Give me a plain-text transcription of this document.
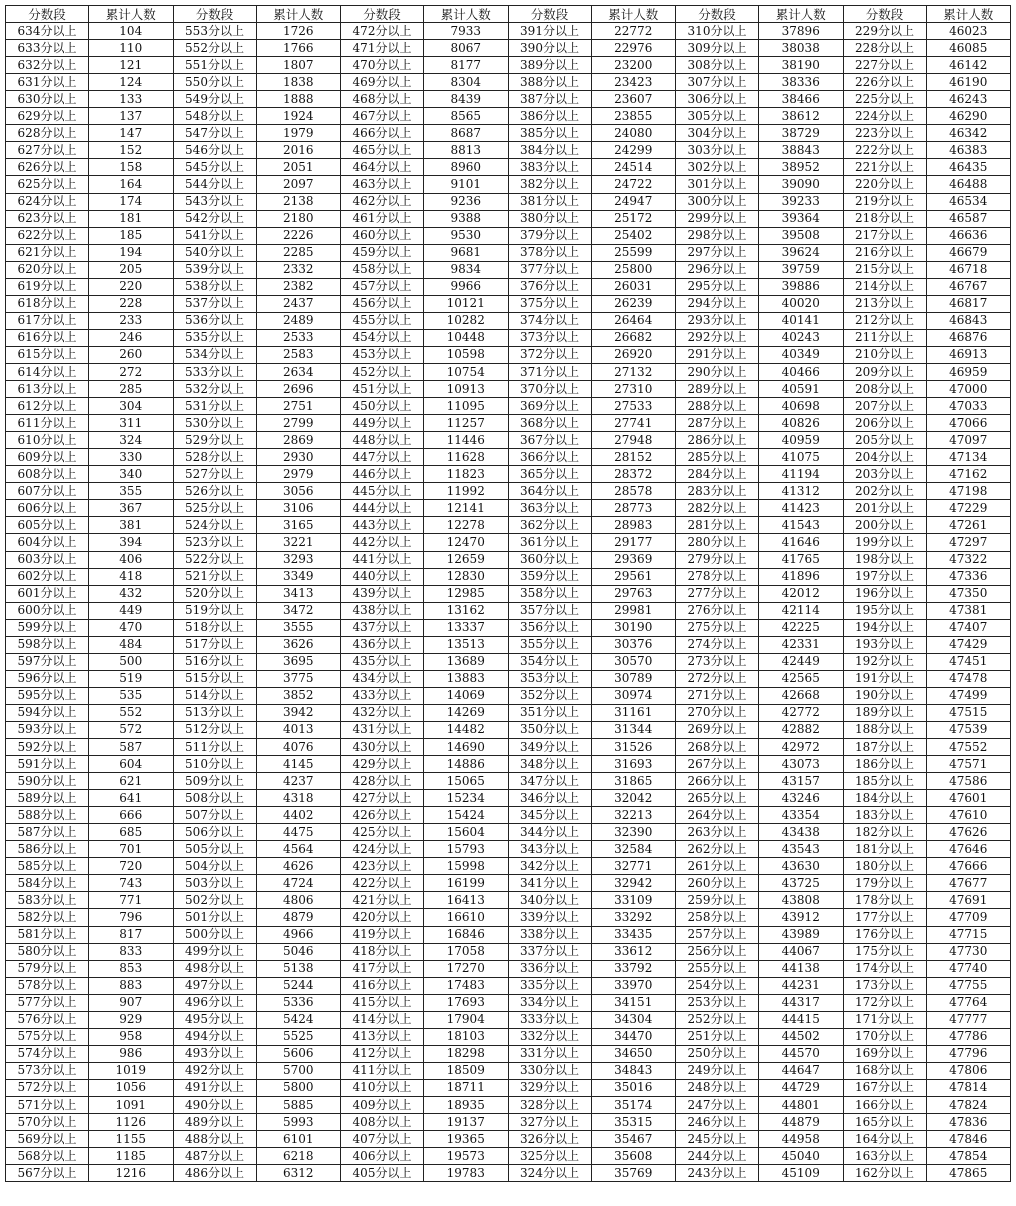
分数段	累计人数	分数段	累计人数	分数段	累计人数	分数段	累计人数	分数段	累计人数	分数段	累计人数
634分以上	104	553分以上	1726	472分以上	7933	391分以上	22772	310分以上	37896	229分以上	46023
633分以上	110	552分以上	1766	471分以上	8067	390分以上	22976	309分以上	38038	228分以上	46085
632分以上	121	551分以上	1807	470分以上	8177	389分以上	23200	308分以上	38190	227分以上	46142
631分以上	124	550分以上	1838	469分以上	8304	388分以上	23423	307分以上	38336	226分以上	46190
630分以上	133	549分以上	1888	468分以上	8439	387分以上	23607	306分以上	38466	225分以上	46243
629分以上	137	548分以上	1924	467分以上	8565	386分以上	23855	305分以上	38612	224分以上	46290
628分以上	147	547分以上	1979	466分以上	8687	385分以上	24080	304分以上	38729	223分以上	46342
627分以上	152	546分以上	2016	465分以上	8813	384分以上	24299	303分以上	38843	222分以上	46383
626分以上	158	545分以上	2051	464分以上	8960	383分以上	24514	302分以上	38952	221分以上	46435
625分以上	164	544分以上	2097	463分以上	9101	382分以上	24722	301分以上	39090	220分以上	46488
624分以上	174	543分以上	2138	462分以上	9236	381分以上	24947	300分以上	39233	219分以上	46534
623分以上	181	542分以上	2180	461分以上	9388	380分以上	25172	299分以上	39364	218分以上	46587
622分以上	185	541分以上	2226	460分以上	9530	379分以上	25402	298分以上	39508	217分以上	46636
621分以上	194	540分以上	2285	459分以上	9681	378分以上	25599	297分以上	39624	216分以上	46679
620分以上	205	539分以上	2332	458分以上	9834	377分以上	25800	296分以上	39759	215分以上	46718
619分以上	220	538分以上	2382	457分以上	9966	376分以上	26031	295分以上	39886	214分以上	46767
618分以上	228	537分以上	2437	456分以上	10121	375分以上	26239	294分以上	40020	213分以上	46817
617分以上	233	536分以上	2489	455分以上	10282	374分以上	26464	293分以上	40141	212分以上	46843
616分以上	246	535分以上	2533	454分以上	10448	373分以上	26682	292分以上	40243	211分以上	46876
615分以上	260	534分以上	2583	453分以上	10598	372分以上	26920	291分以上	40349	210分以上	46913
614分以上	272	533分以上	2634	452分以上	10754	371分以上	27132	290分以上	40466	209分以上	46959
613分以上	285	532分以上	2696	451分以上	10913	370分以上	27310	289分以上	40591	208分以上	47000
612分以上	304	531分以上	2751	450分以上	11095	369分以上	27533	288分以上	40698	207分以上	47033
611分以上	311	530分以上	2799	449分以上	11257	368分以上	27741	287分以上	40826	206分以上	47066
610分以上	324	529分以上	2869	448分以上	11446	367分以上	27948	286分以上	40959	205分以上	47097
609分以上	330	528分以上	2930	447分以上	11628	366分以上	28152	285分以上	41075	204分以上	47134
608分以上	340	527分以上	2979	446分以上	11823	365分以上	28372	284分以上	41194	203分以上	47162
607分以上	355	526分以上	3056	445分以上	11992	364分以上	28578	283分以上	41312	202分以上	47198
606分以上	367	525分以上	3106	444分以上	12141	363分以上	28773	282分以上	41423	201分以上	47229
605分以上	381	524分以上	3165	443分以上	12278	362分以上	28983	281分以上	41543	200分以上	47261
604分以上	394	523分以上	3221	442分以上	12470	361分以上	29177	280分以上	41646	199分以上	47297
603分以上	406	522分以上	3293	441分以上	12659	360分以上	29369	279分以上	41765	198分以上	47322
602分以上	418	521分以上	3349	440分以上	12830	359分以上	29561	278分以上	41896	197分以上	47336
601分以上	432	520分以上	3413	439分以上	12985	358分以上	29763	277分以上	42012	196分以上	47350
600分以上	449	519分以上	3472	438分以上	13162	357分以上	29981	276分以上	42114	195分以上	47381
599分以上	470	518分以上	3555	437分以上	13337	356分以上	30190	275分以上	42225	194分以上	47407
598分以上	484	517分以上	3626	436分以上	13513	355分以上	30376	274分以上	42331	193分以上	47429
597分以上	500	516分以上	3695	435分以上	13689	354分以上	30570	273分以上	42449	192分以上	47451
596分以上	519	515分以上	3775	434分以上	13883	353分以上	30789	272分以上	42565	191分以上	47478
595分以上	535	514分以上	3852	433分以上	14069	352分以上	30974	271分以上	42668	190分以上	47499
594分以上	552	513分以上	3942	432分以上	14269	351分以上	31161	270分以上	42772	189分以上	47515
593分以上	572	512分以上	4013	431分以上	14482	350分以上	31344	269分以上	42882	188分以上	47539
592分以上	587	511分以上	4076	430分以上	14690	349分以上	31526	268分以上	42972	187分以上	47552
591分以上	604	510分以上	4145	429分以上	14886	348分以上	31693	267分以上	43073	186分以上	47571
590分以上	621	509分以上	4237	428分以上	15065	347分以上	31865	266分以上	43157	185分以上	47586
589分以上	641	508分以上	4318	427分以上	15234	346分以上	32042	265分以上	43246	184分以上	47601
588分以上	666	507分以上	4402	426分以上	15424	345分以上	32213	264分以上	43354	183分以上	47610
587分以上	685	506分以上	4475	425分以上	15604	344分以上	32390	263分以上	43438	182分以上	47626
586分以上	701	505分以上	4564	424分以上	15793	343分以上	32584	262分以上	43543	181分以上	47646
585分以上	720	504分以上	4626	423分以上	15998	342分以上	32771	261分以上	43630	180分以上	47666
584分以上	743	503分以上	4724	422分以上	16199	341分以上	32942	260分以上	43725	179分以上	47677
583分以上	771	502分以上	4806	421分以上	16413	340分以上	33109	259分以上	43808	178分以上	47691
582分以上	796	501分以上	4879	420分以上	16610	339分以上	33292	258分以上	43912	177分以上	47709
581分以上	817	500分以上	4966	419分以上	16846	338分以上	33435	257分以上	43989	176分以上	47715
580分以上	833	499分以上	5046	418分以上	17058	337分以上	33612	256分以上	44067	175分以上	47730
579分以上	853	498分以上	5138	417分以上	17270	336分以上	33792	255分以上	44138	174分以上	47740
578分以上	883	497分以上	5244	416分以上	17483	335分以上	33970	254分以上	44231	173分以上	47755
577分以上	907	496分以上	5336	415分以上	17693	334分以上	34151	253分以上	44317	172分以上	47764
576分以上	929	495分以上	5424	414分以上	17904	333分以上	34304	252分以上	44415	171分以上	47777
575分以上	958	494分以上	5525	413分以上	18103	332分以上	34470	251分以上	44502	170分以上	47786
574分以上	986	493分以上	5606	412分以上	18298	331分以上	34650	250分以上	44570	169分以上	47796
573分以上	1019	492分以上	5700	411分以上	18509	330分以上	34843	249分以上	44647	168分以上	47806
572分以上	1056	491分以上	5800	410分以上	18711	329分以上	35016	248分以上	44729	167分以上	47814
571分以上	1091	490分以上	5885	409分以上	18935	328分以上	35174	247分以上	44801	166分以上	47824
570分以上	1126	489分以上	5993	408分以上	19137	327分以上	35315	246分以上	44879	165分以上	47836
569分以上	1155	488分以上	6101	407分以上	19365	326分以上	35467	245分以上	44958	164分以上	47846
568分以上	1185	487分以上	6218	406分以上	19573	325分以上	35608	244分以上	45040	163分以上	47854
567分以上	1216	486分以上	6312	405分以上	19783	324分以上	35769	243分以上	45109	162分以上	47865
